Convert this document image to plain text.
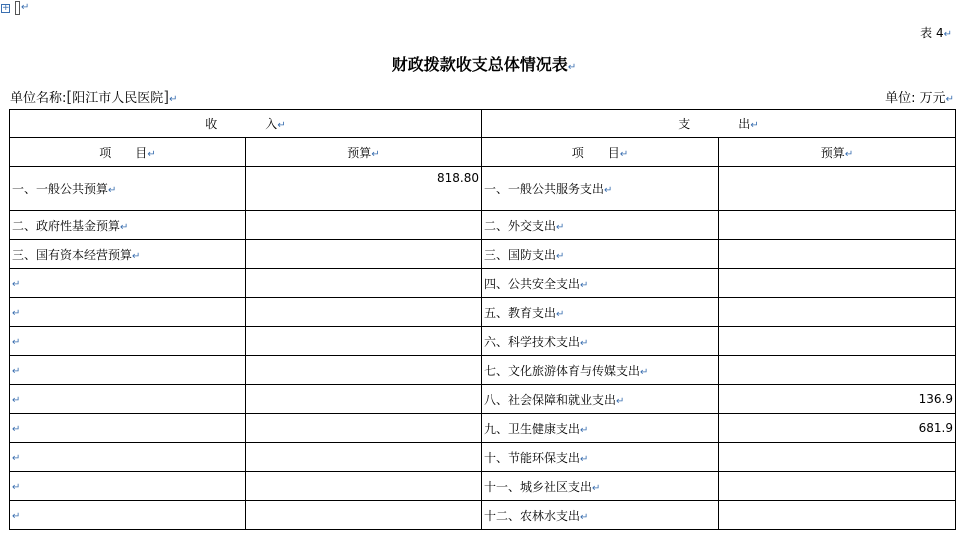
+ ↵
表 4↵
财政拨款收支总体情况表↵
单位名称:[阳江市人民医院]↵	单位: 万元↵
收　　　　入↵		支　　　　出↵	
项　　目↵	预算↵	项　　目↵	预算↵
一、一般公共预算↵	818.80	一、一般公共服务支出↵	
二、政府性基金预算↵		二、外交支出↵	
三、国有资本经营预算↵		三、国防支出↵	
↵		四、公共安全支出↵	
↵		五、教育支出↵	
↵		六、科学技术支出↵	
↵		七、文化旅游体育与传媒支出↵	
↵		八、社会保障和就业支出↵	136.9
↵		九、卫生健康支出↵	681.9
↵		十、节能环保支出↵	
↵		十一、城乡社区支出↵	
↵		十二、农林水支出↵	
